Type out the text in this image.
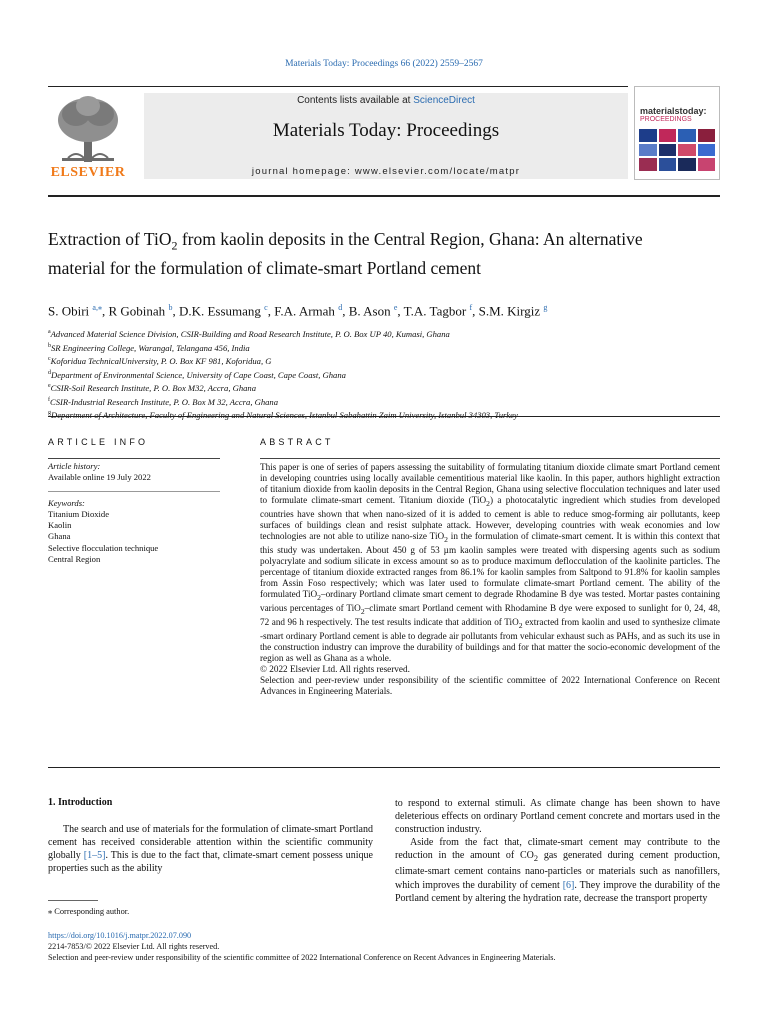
Materials Today: Proceedings 66 (2022) 2559–2567
ELSEVIER
Contents lists available at ScienceDirect
Materials Today: Proceedings
journal homepage: www.elsevier.com/locate/matpr
materialstoday:
PROCEEDINGS
Extraction of TiO$_2$ from kaolin deposits in the Central Region, Ghana: An alternative material for the formulation of climate-smart Portland cement
S. Obiri $^{a,⁎}$, R Gobinah $^b$, D.K. Essumang $^c$, F.A. Armah $^d$, B. Ason $^e$, T.A. Tagbor $^f$, S.M. Kirgiz $^g$
$^a$Advanced Material Science Division, CSIR-Building and Road Research Institute, P. O. Box UP 40, Kumasi, Ghana
$^b$SR Engineering College, Warangal, Telangana 456, India
$^c$Koforidua TechnicalUniversity, P. O. Box KF 981, Koforidua, G
$^d$Department of Environmental Science, University of Cape Coast, Cape Coast, Ghana
$^e$CSIR-Soil Research Institute, P. O. Box M32, Accra, Ghana
$^f$CSIR-Industrial Research Institute, P. O. Box M 32, Accra, Ghana
$^g$
ARTICLE INFO	ABSTRACT
Article history:
Available online 19 July 2022
Keywords:
Titanium Dioxide
Kaolin
Ghana
Selective flocculation technique
Central Region
This paper is one of series of papers assessing the suitability of formulating titanium dioxide climate smart Portland cement in developing countries using locally available cementitious material like kaolin. In this paper, authors highlight extraction of titanium dioxide from kaolin deposits in the Central Region, Ghana using selective flocculation techniques and later used to formulate climate-smart cement. Titanium dioxide (TiO$_2$) a photocatalytic ingredient which studies from developed countries have shown that when nano-sized of it is added to cement is able to reduce smog-forming air pollutants, keep surfaces of buildings clean and resist sulphate attack. However, developing countries with weak economies and low technologies are not able to utilize nano-size TiO$_2$ in the formulation of climate-smart cement. It is within this context that this study was undertaken. About 450 g of 53 µm kaolin samples were treated with dispersing agents such as sodium polyacrylate and sodium silicate in excess amount so as to produce maximum deflocculation of the kaolinite particles. The percentage of titanium dioxide extracted ranges from 86.1% for kaolin samples from Saltpond to 91.8% for kaolin samples from Assin Foso respectively; which was later used to formulate climate-smart Portland cement. The ability of the formulated TiO$_2$–ordinary Portland climate smart cement to degrade Rhodamine B dye was tested. Mortar pastes containing various percentages of TiO$_2$–climate smart Portland cement with Rhodamine B dye were exposed to sunlight for 0, 24, 48, 72 and 96 h respectively. The test results indicate that addition of TiO$_2$ extracted from kaolin and used to synthesize climate -smart ordinary Portland cement is able to degrade air pollutants from vehicular exhaust such as PAHs, and as such its use in the construction industry can improve the durability of buildings and for that matter the socio-economic development of the region as well as Ghana as a whole.
© 2022 Elsevier Ltd. All rights reserved.
Selection and peer-review under responsibility of the scientific committee of 2022 International Conference on Recent Advances in Engineering Materials.
1. Introduction
The search and use of materials for the formulation of climate-smart Portland cement has received considerable attention within the scientific community globally [1–5]. This is due to the fact that, climate-smart cement possess unique properties such as the ability

to respond to external stimuli. As climate change has been shown to have deleterious effects on ordinary Portland cement concrete and mortars used in the construction industry.

Aside from the fact that, climate-smart cement may contribute to the reduction in the amount of $CO_2$ gas generated during cement production, climate-smart cement contains nano-particles or materials such as nanofillers, which improves the durability of cement [6]. They improve the durability of the Portland cement by altering the hydration rate, decrease the transport property

⁎ Corresponding author.
https://doi.org/10.1016/j.matpr.2022.07.090
2214-7853/© 2022 Elsevier Ltd. All rights reserved.
Selection and peer-review under responsibility of the scientific committee of 2022 International Conference on Recent Advances in Engineering Materials.
